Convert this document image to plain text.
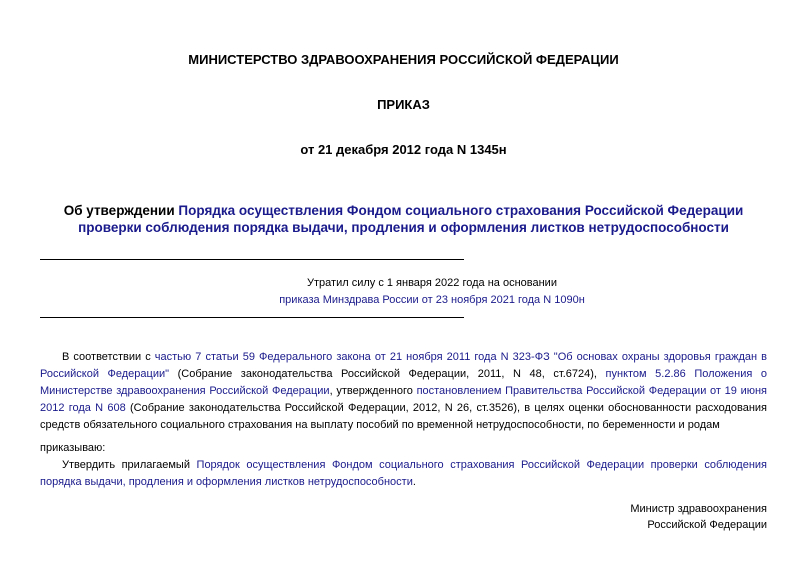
МИНИСТЕРСТВО ЗДРАВООХРАНЕНИЯ РОССИЙСКОЙ ФЕДЕРАЦИИ
ПРИКАЗ
от 21 декабря 2012 года N 1345н
Об утверждении Порядка осуществления Фондом социального страхования Российской Федерации проверки соблюдения порядка выдачи, продления и оформления листков нетрудоспособности
Утратил силу с 1 января 2022 года на основании
приказа Минздрава России от 23 ноября 2021 года N 1090н
В соответствии с частью 7 статьи 59 Федерального закона от 21 ноября 2011 года N 323-ФЗ "Об основах охраны здоровья граждан в Российской Федерации" (Собрание законодательства Российской Федерации, 2011, N 48, ст.6724), пунктом 5.2.86 Положения о Министерстве здравоохранения Российской Федерации, утвержденного постановлением Правительства Российской Федерации от 19 июня 2012 года N 608 (Собрание законодательства Российской Федерации, 2012, N 26, ст.3526), в целях оценки обоснованности расходования средств обязательного социального страхования на выплату пособий по временной нетрудоспособности, по беременности и родам
приказываю:
Утвердить прилагаемый Порядок осуществления Фондом социального страхования Российской Федерации проверки соблюдения порядка выдачи, продления и оформления листков нетрудоспособности.
Министр здравоохранения
Российской Федерации
